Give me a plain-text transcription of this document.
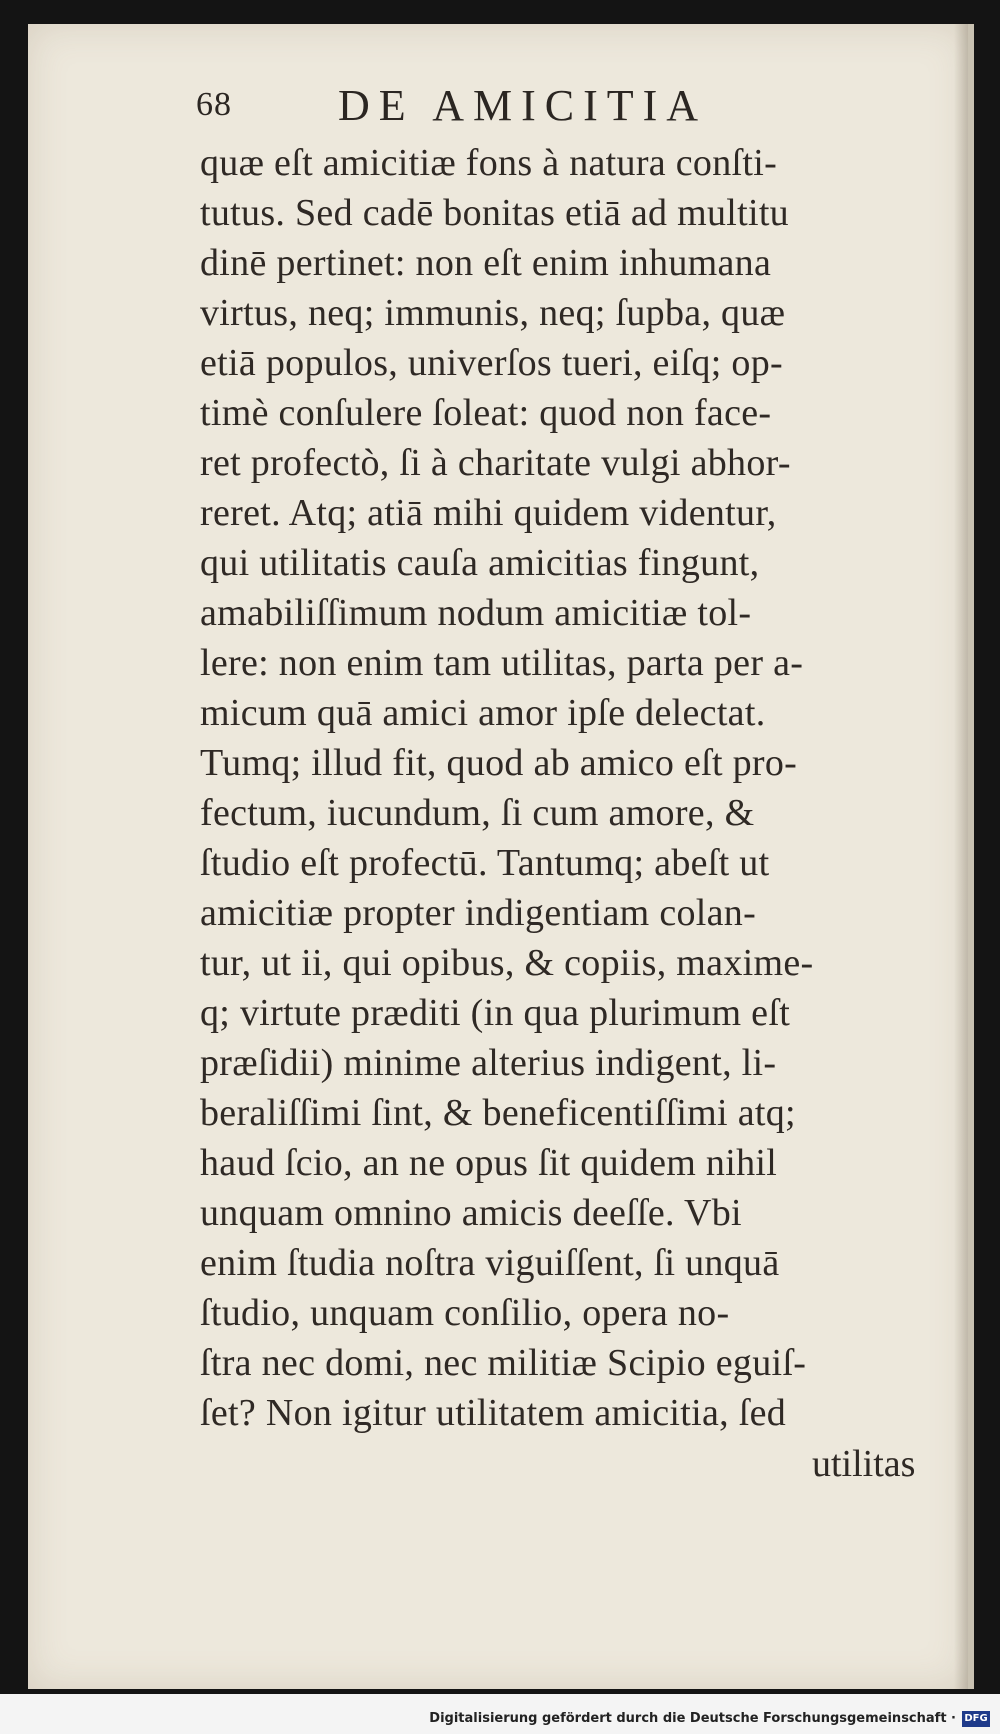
68 DE AMICITIA
quæ eſt amicitiæ fons à natura conſti-
tutus. Sed cadē bonitas etiā ad multitu
dinē pertinet: non eſt enim inhumana
virtus, neq; immunis, neq; ſupba, quæ
etiā populos, univerſos tueri, eiſq; op-
timè conſulere ſoleat: quod non face-
ret profectò, ſi à charitate vulgi abhor-
reret. Atq; atiā mihi quidem videntur,
qui utilitatis cauſa amicitias fingunt,
amabiliſſimum nodum amicitiæ tol-
lere: non enim tam utilitas, parta per a-
micum quā amici amor ipſe delectat.
Tumq; illud fit, quod ab amico eſt pro-
fectum, iucundum, ſi cum amore, &
ſtudio eſt profectū. Tantumq; abeſt ut
amicitiæ propter indigentiam colan-
tur, ut ii, qui opibus, & copiis, maxime-
q; virtute præditi (in qua plurimum eſt
præſidii) minime alterius indigent, li-
beraliſſimi ſint, & beneficentiſſimi atq;
haud ſcio, an ne opus ſit quidem nihil
unquam omnino amicis deeſſe. Vbi
enim ſtudia noſtra viguiſſent, ſi unquā
ſtudio, unquam conſilio, opera no-
ſtra nec domi, nec militiæ Scipio eguiſ-
ſet? Non igitur utilitatem amicitia, ſed
utilitas
Digitalisierung gefördert durch die Deutsche Forschungsgemeinschaft · DFG
